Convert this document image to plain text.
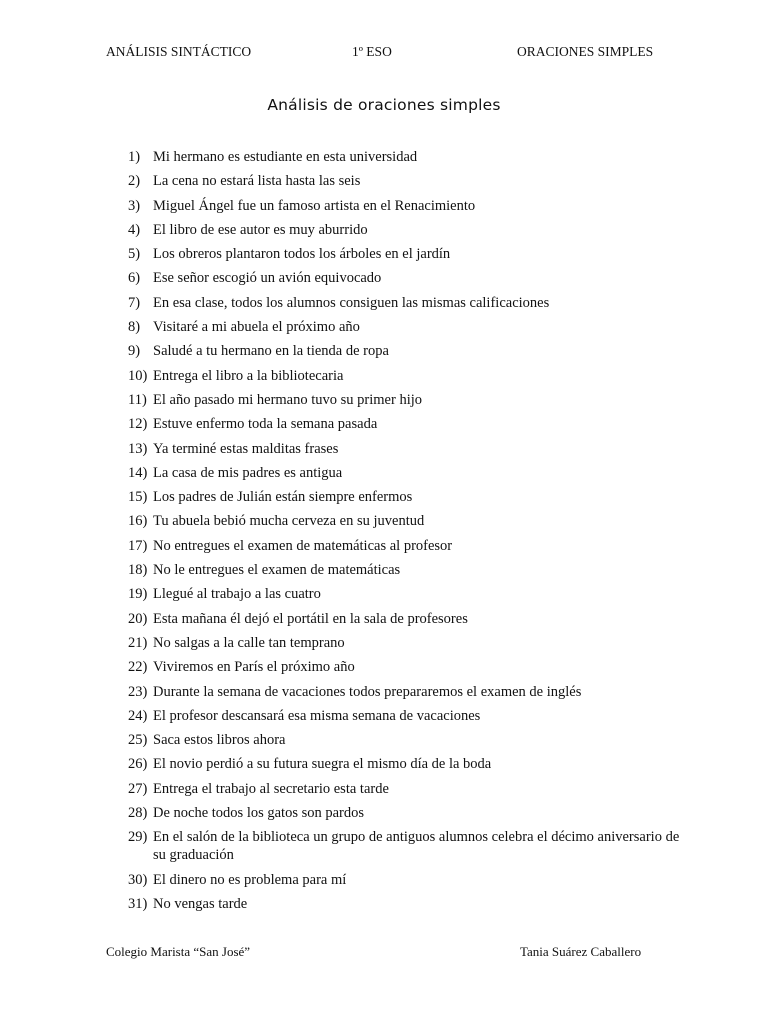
ANÁLISIS SINTÁCTICO	1º ESO	ORACIONES SIMPLES
Análisis de oraciones simples
1) Mi hermano es estudiante en esta universidad
2) La cena no estará lista hasta las seis
3) Miguel Ángel fue un famoso artista en el Renacimiento
4) El libro de ese autor es muy aburrido
5) Los obreros plantaron todos los árboles en el jardín
6) Ese señor escogió un avión equivocado
7) En esa clase, todos los alumnos consiguen las mismas calificaciones
8) Visitaré a mi abuela el próximo año
9) Saludé a tu hermano en la tienda de ropa
10) Entrega el libro a la bibliotecaria
11) El año pasado mi hermano tuvo su primer hijo
12) Estuve enfermo toda la semana pasada
13) Ya terminé estas malditas frases
14) La casa de mis padres es antigua
15) Los padres de Julián están siempre enfermos
16) Tu abuela bebió mucha cerveza en su juventud
17) No entregues el examen de matemáticas al profesor
18) No le entregues el examen de matemáticas
19) Llegué al trabajo a las cuatro
20) Esta mañana él dejó el portátil en la sala de profesores
21) No salgas a la calle tan temprano
22) Viviremos en París el próximo año
23) Durante la semana de vacaciones todos prepararemos el examen de inglés
24) El profesor descansará esa misma semana de vacaciones
25) Saca estos libros ahora
26) El novio perdió a su futura suegra el mismo día de la boda
27) Entrega el trabajo al secretario esta tarde
28) De noche todos los gatos son pardos
29) En el salón de la biblioteca un grupo de antiguos alumnos celebra el décimo aniversario de su graduación
30) El dinero no es problema para mí
31) No vengas tarde
Colegio Marista “San José”	Tania Suárez Caballero
